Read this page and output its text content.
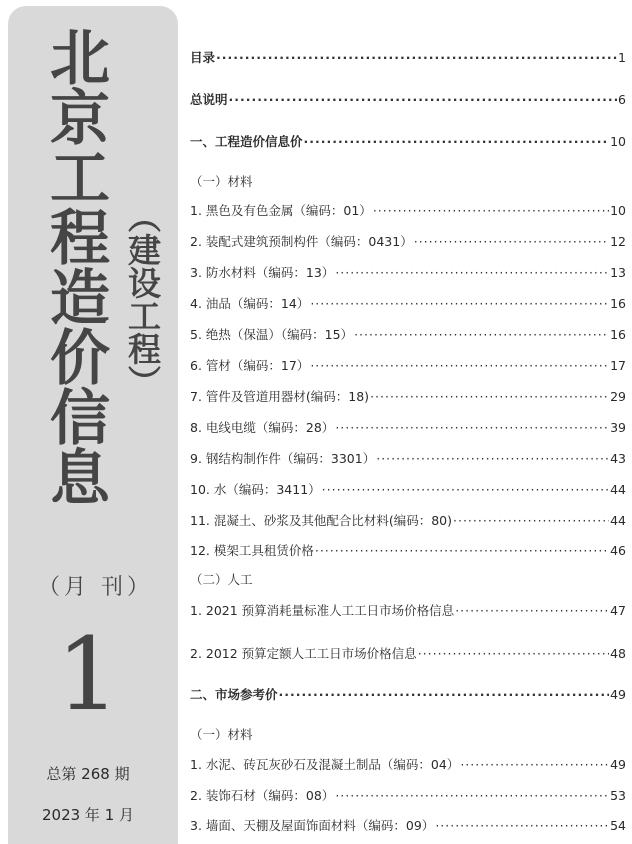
北京工程造价信息 （建设工程）
（月 刊）
1
总第 268 期
2023 年 1 月
目录 ·····	1
总说明 ·····	6
一、工程造价信息价 ·····	10
（一）材料
1. 黑色及有色金属（编码：01） ·····	10
2. 装配式建筑预制构件（编码：0431） ·····	12
3. 防水材料（编码：13） ·····	13
4. 油品（编码：14） ·····	16
5. 绝热（保温）（编码：15） ·····	16
6. 管材（编码：17） ·····	17
7. 管件及管道用器材(编码：18) ·····	29
8. 电线电缆（编码：28） ·····	39
9. 钢结构制作件（编码：3301） ·····	43
10. 水（编码：3411） ·····	44
11. 混凝土、砂浆及其他配合比材料(编码：80) ·····	44
12. 模架工具租赁价格 ·····	46
（二）人工
1. 2021 预算消耗量标准人工工日市场价格信息 ·····	47
2. 2012 预算定额人工工日市场价格信息 ·····	48
二、市场参考价 ·····	49
（一）材料
1. 水泥、砖瓦灰砂石及混凝土制品（编码：04） ·····	49
2. 装饰石材（编码：08） ·····	53
3. 墙面、天棚及屋面饰面材料（编码：09） ·····	54
